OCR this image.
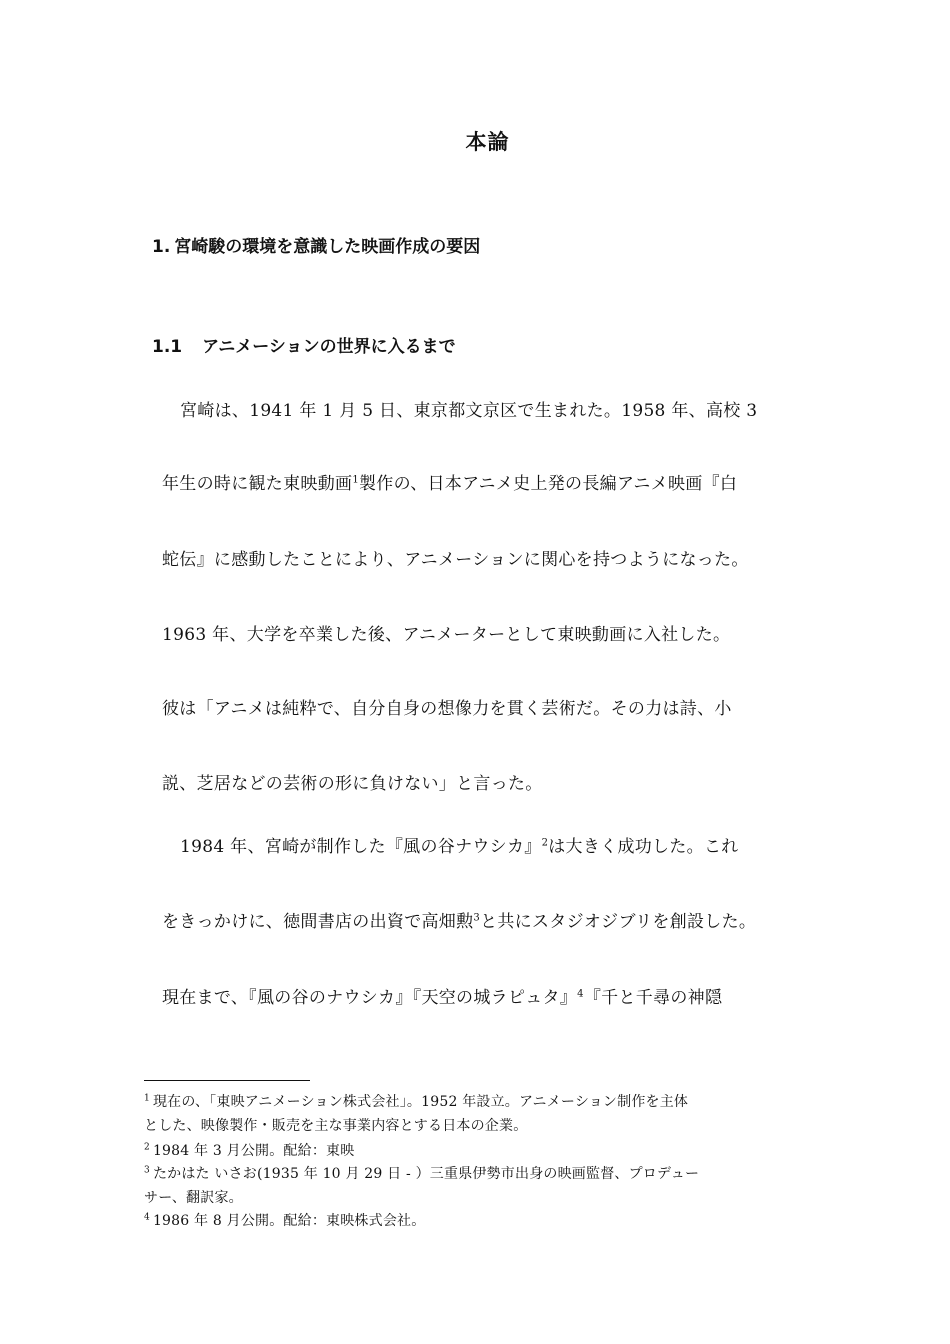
本論
1. 宮崎駿の環境を意識した映画作成の要因
1.1 アニメーションの世界に入るまで
宮崎は、1941 年 1 月 5 日、東京都文京区で生まれた。1958 年、高校 3
年生の時に観た東映動画$^1$製作の、日本アニメ史上発の長編アニメ映画『白
蛇伝』に感動したことにより、アニメーションに関心を持つようになった。
1963 年、大学を卒業した後、アニメーターとして東映動画に入社した。
彼は「アニメは純粋で、自分自身の想像力を貫く芸術だ。その力は詩、小
説、芝居などの芸術の形に負けない」と言った。
1984 年、宮崎が制作した『風の谷ナウシカ』$^2$は大きく成功した。これ
をきっかけに、徳間書店の出資で高畑勲$^3$と共にスタジオジブリを創設した。
現在まで、『風の谷のナウシカ』『天空の城ラピュタ』$^4$『千と千尋の神隠
$^1$  現在の、「東映アニメーション株式会社」。1952 年設立。アニメーション制作を主体
とした、映像製作・販売を主な事業内容とする日本の企業。
$^2$  1984 年 3 月公開。配給：東映
$^3$  たかはた いさお(1935 年 10 月 29 日 - ）三重県伊勢市出身の映画監督、プロデュー
サー、翻訳家。
$^4$  1986 年 8 月公開。配給：東映株式会社。
